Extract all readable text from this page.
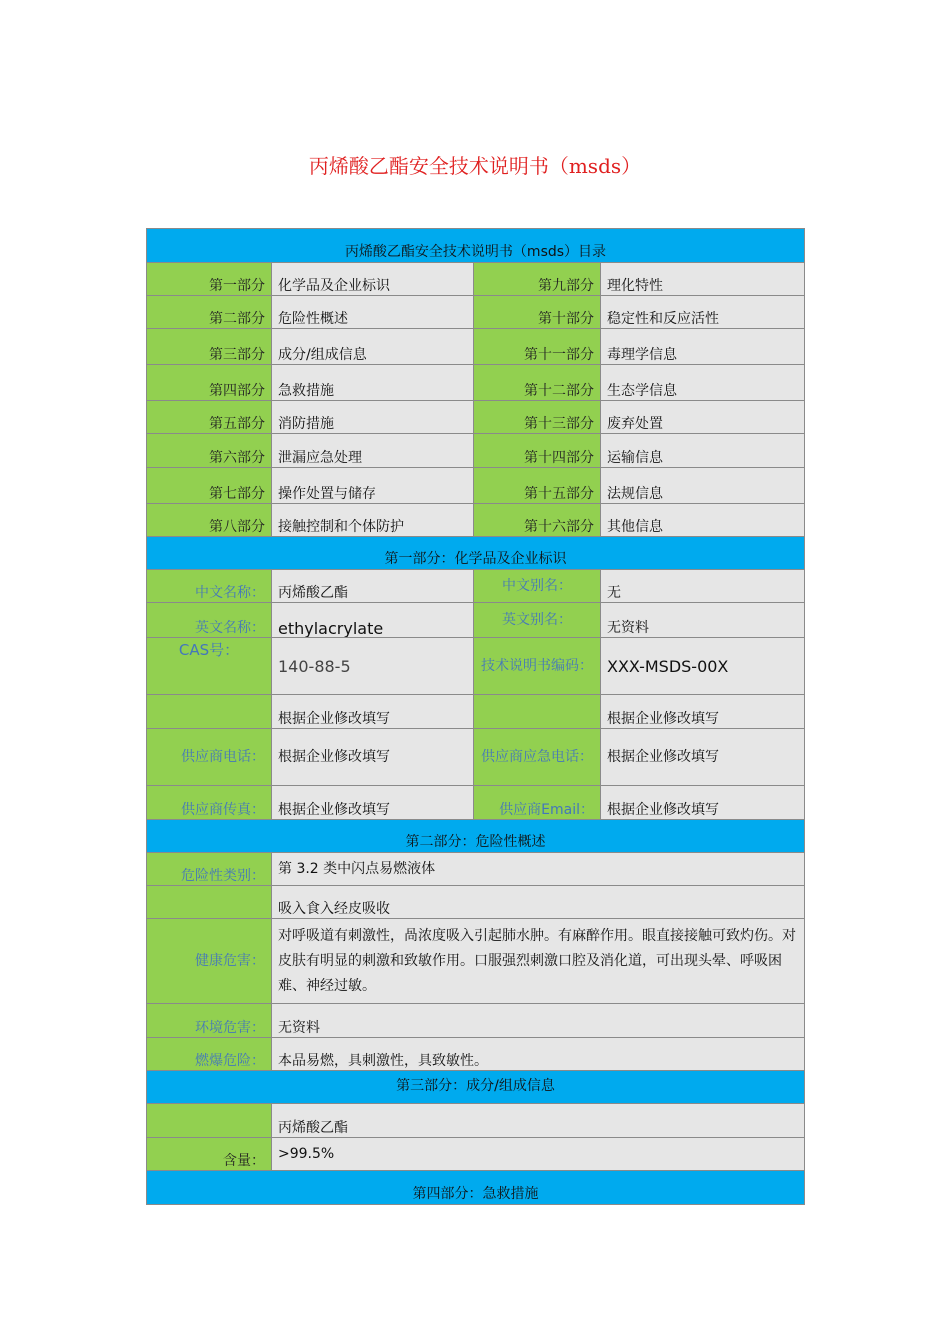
丙烯酸乙酯安全技术说明书（msds）
丙烯酸乙酯安全技术说明书（msds）目录			
第一部分	化学品及企业标识	第九部分	理化特性
第二部分	危险性概述	第十部分	稳定性和反应活性
第三部分	成分/组成信息	第十一部分	毒理学信息
第四部分	急救措施	第十二部分	生态学信息
第五部分	消防措施	第十三部分	废弃处置
第六部分	泄漏应急处理	第十四部分	运输信息
第七部分	操作处置与储存	第十五部分	法规信息
第八部分	接触控制和个体防护	第十六部分	其他信息
第一部分：化学品及企业标识			
中文名称：	丙烯酸乙酯	中文别名：	无
英文名称：	ethylacrylate	英文别名：	无资料
CAS号：	140-88-5	技术说明书编码：	XXX-MSDS-00X
	根据企业修改填写		根据企业修改填写
供应商电话：	根据企业修改填写	供应商应急电话：	根据企业修改填写
供应商传真：	根据企业修改填写	供应商Email：	根据企业修改填写
第二部分：危险性概述			
危险性类别：	第 3.2 类中闪点易燃液体		
	吸入食入经皮吸收		
健康危害：	对呼吸道有刺激性，咼浓度吸入引起肺水肿。有麻醉作用。眼直接接触可致灼伤。对皮肤有明显的刺激和致敏作用。口服强烈刺激口腔及消化道，可出现头晕、呼吸困难、神经过敏。		
环境危害：	无资料		
燃爆危险：	本品易燃，具刺激性，具致敏性。		
第三部分：成分/组成信息			
	丙烯酸乙酯		
含量：	>99.5%		
第四部分：急救措施			
